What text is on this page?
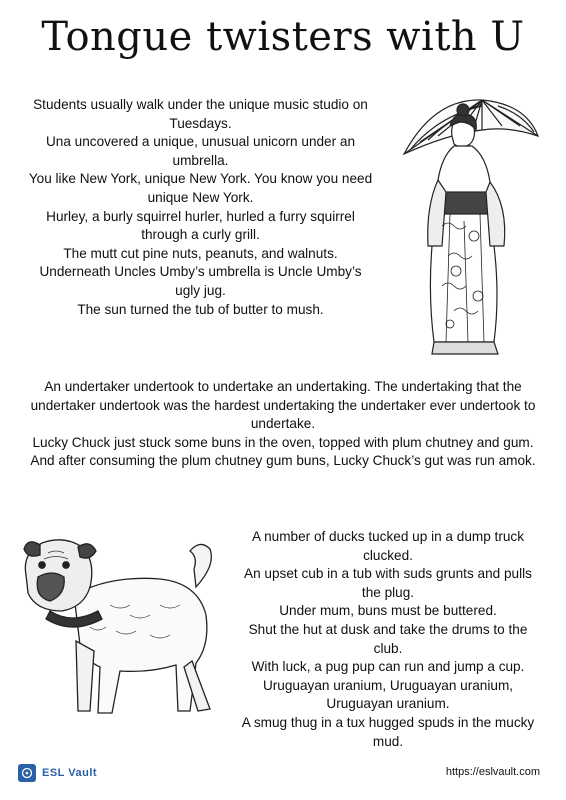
Tongue twisters with U
Students usually walk under the unique music studio on Tuesdays.
Una uncovered a unique, unusual unicorn under an umbrella.
You like New York, unique New York. You know you need unique New York.
Hurley, a burly squirrel hurler, hurled a furry squirrel through a curly grill.
The mutt cut pine nuts, peanuts, and walnuts.
Underneath Uncles Umby’s umbrella is Uncle Umby’s ugly jug.
The sun turned the tub of butter to mush.
An undertaker undertook to undertake an undertaking. The undertaking that the undertaker undertook was the hardest undertaking the undertaker ever undertook to undertake.
Lucky Chuck just stuck some buns in the oven, topped with plum chutney and gum. And after consuming the plum chutney gum buns, Lucky Chuck’s gut was run amok.
A number of ducks tucked up in a dump truck clucked.
An upset cub in a tub with suds grunts and pulls the plug.
Under mum, buns must be buttered.
Shut the hut at dusk and take the drums to the club.
With luck, a pug pup can run and jump a cup.
Uruguayan uranium, Uruguayan uranium, Uruguayan uranium.
A smug thug in a tux hugged spuds in the mucky mud.
ESL Vault	https://eslvault.com
